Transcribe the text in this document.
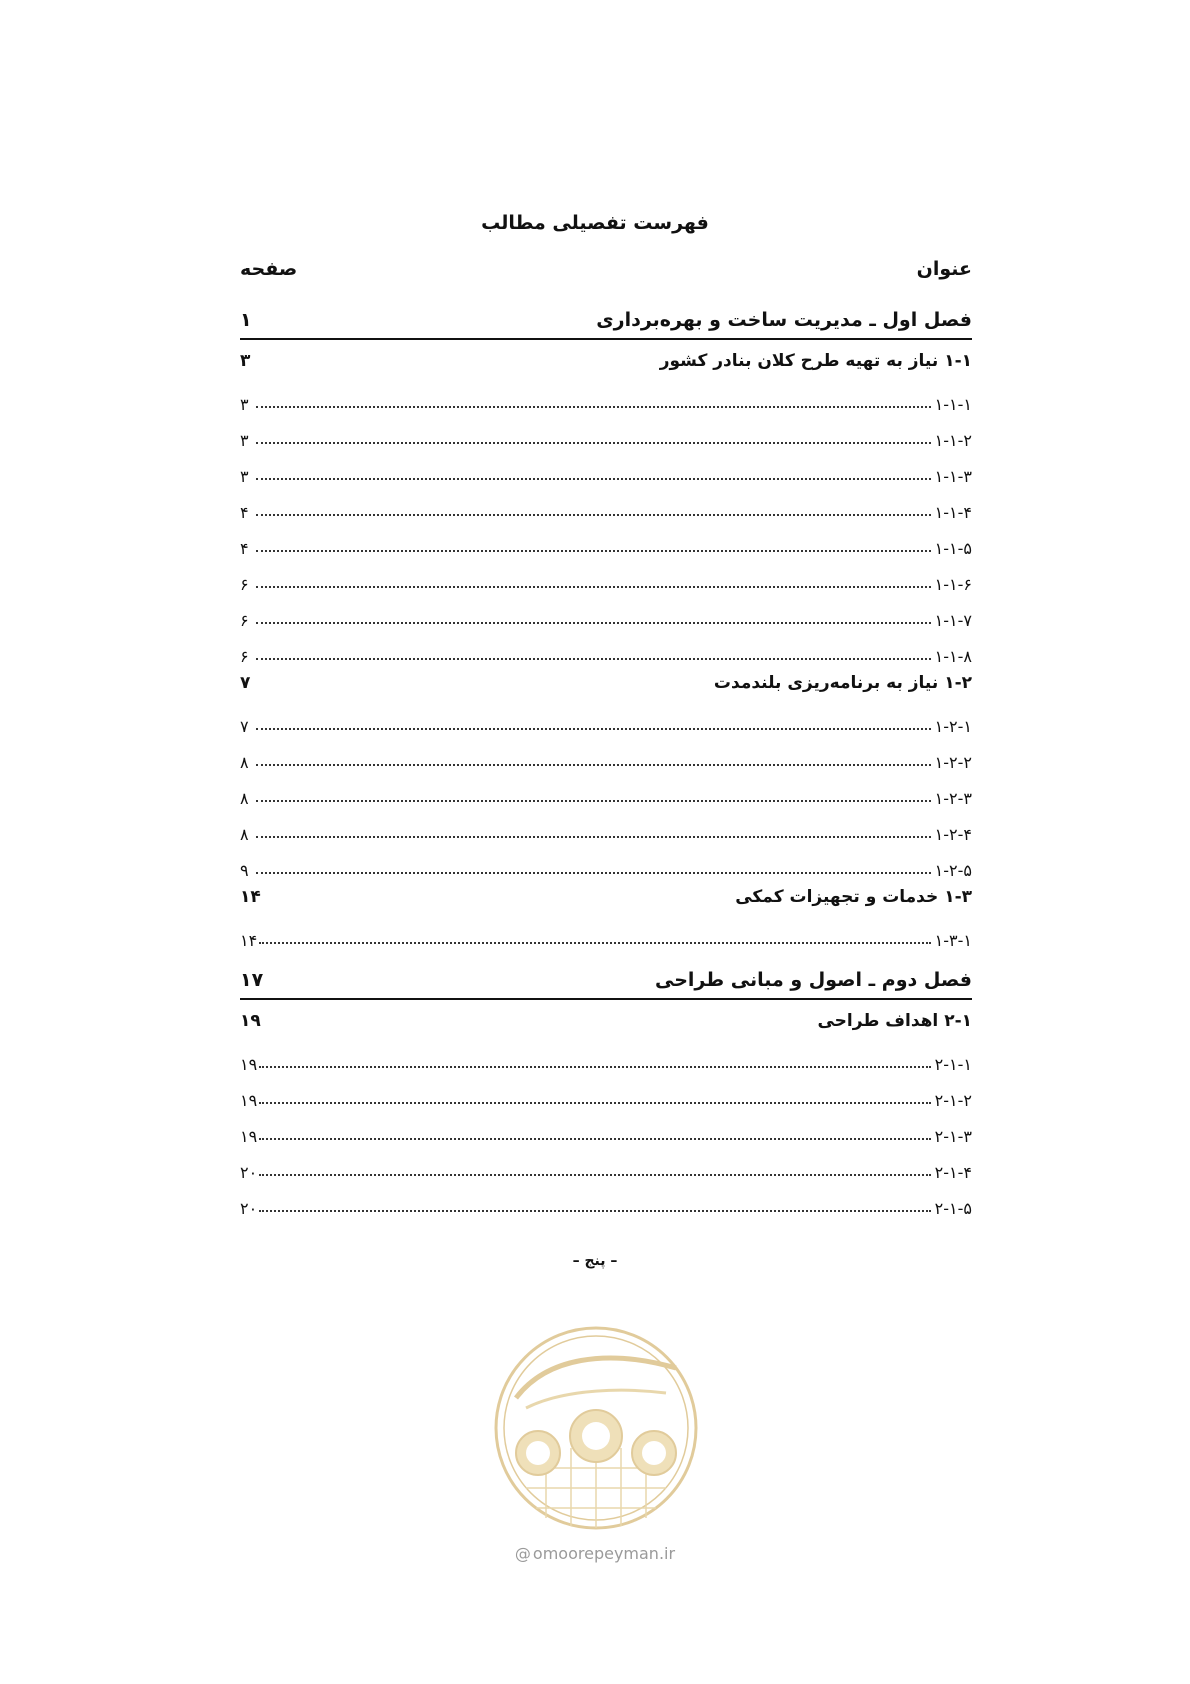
فهرست تفصیلی مطالب
عنوان
صفحه
فصل اول ـ مدیریت ساخت و بهره‌برداری
۱
۱-۱ نیاز به تهیه طرح کلان بنادر کشور
۳
۱-۱-۱
۳
۱-۱-۲
۳
۱-۱-۳
۳
۱-۱-۴
۴
۱-۱-۵
۴
۱-۱-۶
۶
۱-۱-۷
۶
۱-۱-۸
۶
۱-۲ نیاز به برنامه‌ریزی بلندمدت
۷
۱-۲-۱
۷
۱-۲-۲
۸
۱-۲-۳
۸
۱-۲-۴
۸
۱-۲-۵
۹
۱-۳ خدمات و تجهیزات کمکی
۱۴
۱-۳-۱
۱۴
فصل دوم ـ اصول و مبانی طراحی
۱۷
۲-۱ اهداف طراحی
۱۹
۲-۱-۱
۱۹
۲-۱-۲
۱۹
۲-۱-۳
۱۹
۲-۱-۴
۲۰
۲-۱-۵
۲۰
– پنج –
@ omoorepeyman.ir
